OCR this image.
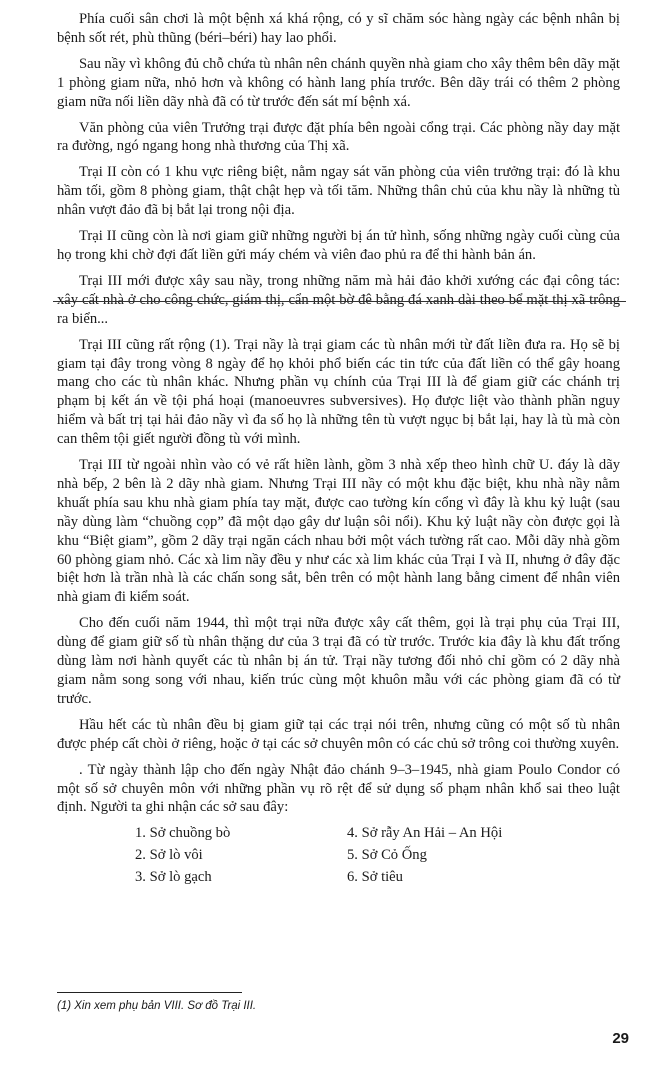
Phía cuối sân chơi là một bệnh xá khá rộng, có y sĩ chăm sóc hàng ngày các bệnh nhân bị bệnh sốt rét, phù thũng (béri–béri) hay lao phổi.

Sau nầy vì không đủ chỗ chứa tù nhân nên chánh quyền nhà giam cho xây thêm bên dãy mặt 1 phòng giam nữa, nhỏ hơn và không có hành lang phía trước. Bên dãy trái có thêm 2 phòng giam nữa nối liền dãy nhà đã có từ trước đến sát mí bệnh xá.

Văn phòng của viên Trưởng trại được đặt phía bên ngoài cổng trại. Các phòng nầy day mặt ra đường, ngó ngang hong nhà thương của Thị xã.

Trại II còn có 1 khu vực riêng biệt, nằm ngay sát văn phòng của viên trưởng trại: đó là khu hầm tối, gồm 8 phòng giam, thật chật hẹp và tối tăm. Những thân chủ của khu nầy là những tù nhân vượt đảo đã bị bắt lại trong nội địa.

Trại II cũng còn là nơi giam giữ những người bị án tử hình, sống những ngày cuối cùng của họ trong khi chờ đợi đất liền gửi máy chém và viên đao phủ ra để thi hành bản án.

Trại III mới được xây sau nầy, trong những năm mà hải đảo khởi xướng các đại công tác: xây cất nhà ở cho công chức, giám thị, cẩn một bờ đê bằng đá xanh dài theo bể mặt thị xã trông ra biển...

Trại III cũng rất rộng (1). Trại nầy là trại giam các tù nhân mới từ đất liền đưa ra. Họ sẽ bị giam tại đây trong vòng 8 ngày để họ khỏi phổ biến các tin tức của đất liền có thể gây hoang mang cho các tù nhân khác. Nhưng phần vụ chính của Trại III là để giam giữ các chánh trị phạm bị kết án về tội phá hoại (manoeuvres subversives). Họ được liệt vào thành phần nguy hiểm và bất trị tại hải đảo nầy vì đa số họ là những tên tù vượt ngục bị bắt lại, hay là tù mà còn can thêm tội giết người đồng tù với mình.

Trại III từ ngoài nhìn vào có vẻ rất hiền lành, gồm 3 nhà xếp theo hình chữ U. đáy là dãy nhà bếp, 2 bên là 2 dãy nhà giam. Nhưng Trại III nầy có một khu đặc biệt, khu nhà nầy nằm khuất phía sau khu nhà giam phía tay mặt, được cao tường kín cổng vì đây là khu kỷ luật (sau nầy dùng làm “chuồng cọp” đã một dạo gây dư luận sôi nổi). Khu kỷ luật nầy còn được gọi là khu “Biệt giam”, gồm 2 dãy trại ngăn cách nhau bởi một vách tường rất cao. Mỗi dãy nhà gồm 60 phòng giam nhỏ. Các xà lim nầy đều y như các xà lim khác của Trại I và II, nhưng ở đây đặc biệt hơn là trần nhà là các chấn song sắt, bên trên có một hành lang bằng ciment để nhân viên nhà giam đi kiểm soát.

Cho đến cuối năm 1944, thì một trại nữa được xây cất thêm, gọi là trại phụ của Trại III, dùng để giam giữ số tù nhân thặng dư của 3 trại đã có từ trước. Trước kia đây là khu đất trống dùng làm nơi hành quyết các tù nhân bị án tử. Trại nầy tương đối nhỏ chỉ gồm có 2 dãy nhà giam nằm song song với nhau, kiến trúc cùng một khuôn mẫu với các phòng giam đã có từ trước.

Hầu hết các tù nhân đều bị giam giữ tại các trại nói trên, nhưng cũng có một số tù nhân được phép cất chòi ở riêng, hoặc ở tại các sở chuyên môn có các chủ sở trông coi thường xuyên.

. Từ ngày thành lập cho đến ngày Nhật đảo chánh 9–3–1945, nhà giam Poulo Condor có một số sở chuyên môn với những phần vụ rõ rệt để sử dụng số phạm nhân khổ sai theo luật định. Người ta ghi nhận các sở sau đây:

1. Sở chuồng bò	4. Sở rẫy An Hải – An Hội
2. Sở lò vôi	5. Sở Cỏ Ống
3. Sở lò gạch	6. Sở tiêu
(1) Xin xem phụ bản VIII. Sơ đồ Trại III.
29
